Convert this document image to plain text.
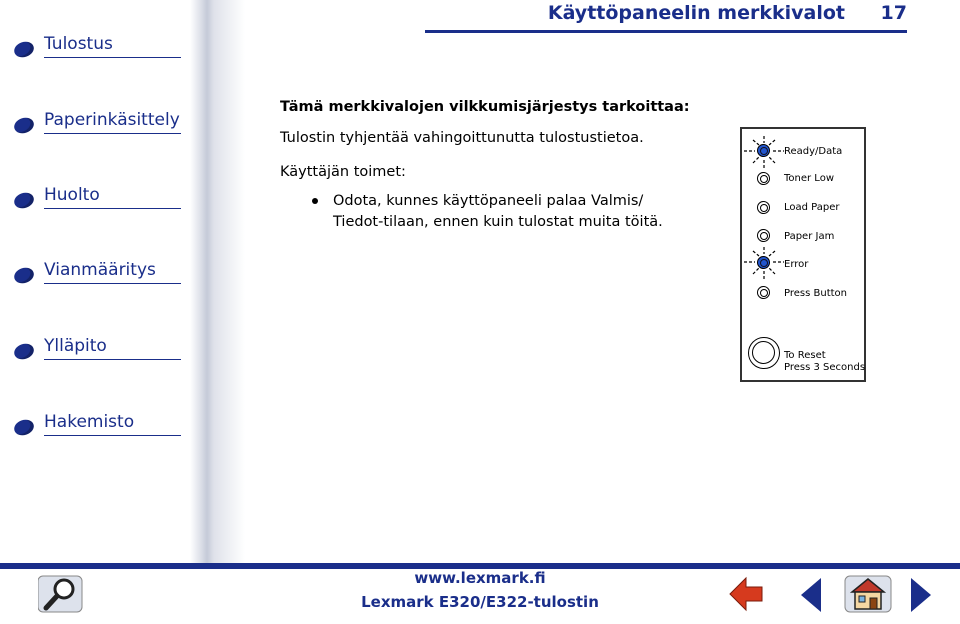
Tulostus
Paperinkäsittely
Huolto
Vianmääritys
Ylläpito
Hakemisto
Käyttöpaneelin merkkivalot 17
Tämä merkkivalojen vilkkumisjärjestys tarkoittaa:
Tulostin tyhjentää vahingoittunutta tulostustietoa.
Käyttäjän toimet:
Odota, kunnes käyttöpaneeli palaa Valmis/
Tiedot-tilaan, ennen kuin tulostat muita töitä.
Ready/Data
Toner Low
Load Paper
Paper Jam
Error
Press Button
To Reset
Press 3 Seconds
www.lexmark.fi
Lexmark E320/E322-tulostin
